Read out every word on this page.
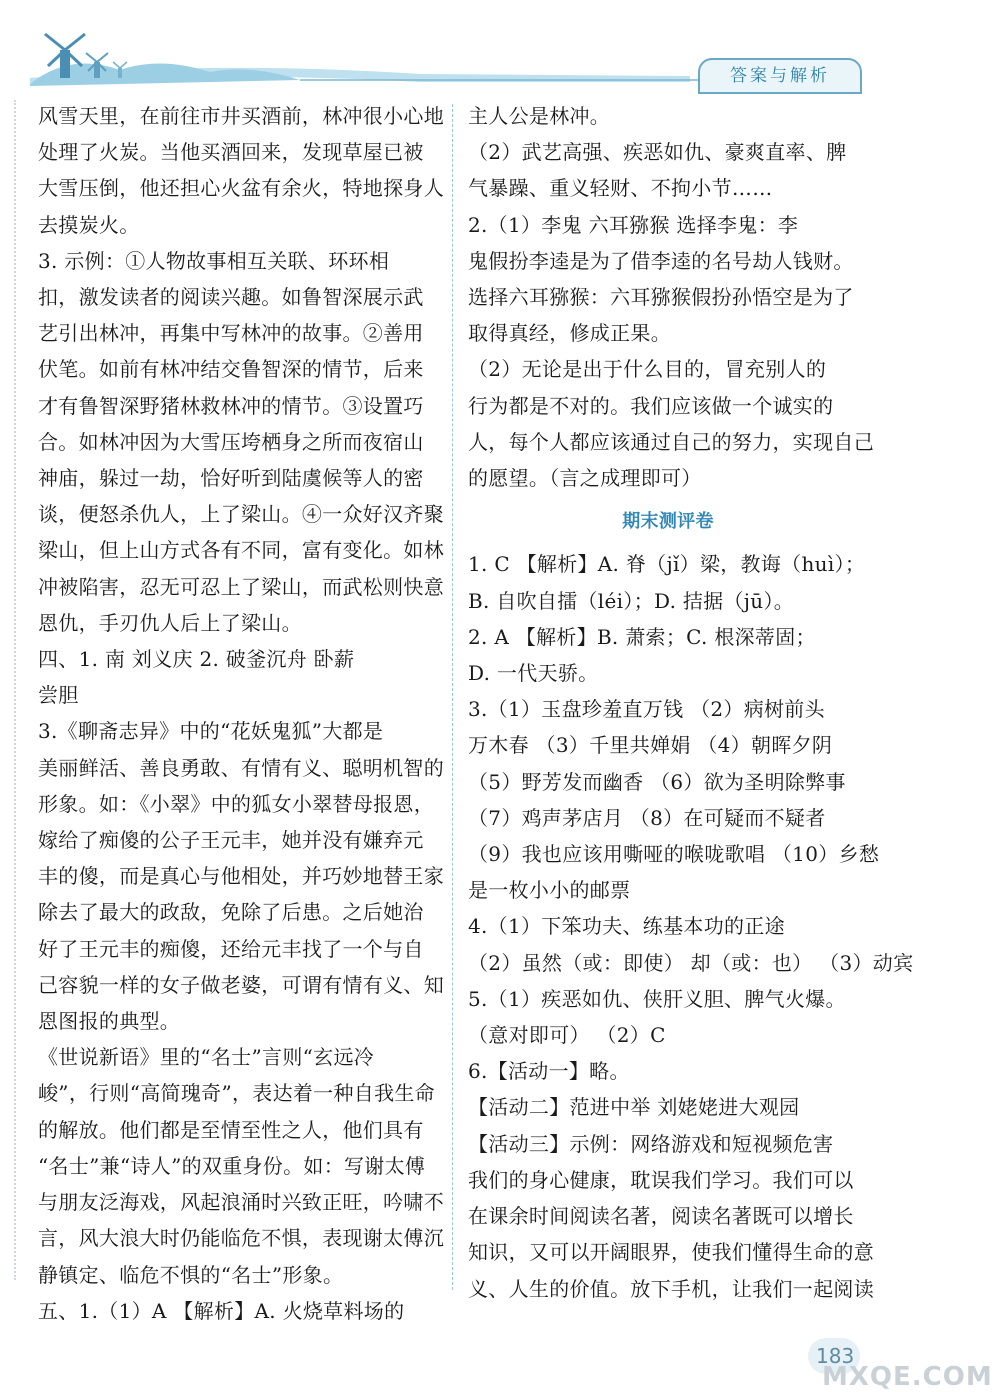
答案与解析

风雪天里，在前往市井买酒前，林冲很小心地

处理了火炭。当他买酒回来，发现草屋已被

大雪压倒，他还担心火盆有余火，特地探身人

去摸炭火。

3. 示例：①人物故事相互关联、环环相

扣，激发读者的阅读兴趣。如鲁智深展示武

艺引出林冲，再集中写林冲的故事。②善用

伏笔。如前有林冲结交鲁智深的情节，后来

才有鲁智深野猪林救林冲的情节。③设置巧

合。如林冲因为大雪压垮栖身之所而夜宿山

神庙，躲过一劫，恰好听到陆虞候等人的密

谈，便怒杀仇人，上了梁山。④一众好汉齐聚

梁山，但上山方式各有不同，富有变化。如林

冲被陷害，忍无可忍上了梁山，而武松则快意

恩仇，手刃仇人后上了梁山。

四、1. 南 刘义庆 2. 破釜沉舟 卧薪

尝胆

3.《聊斋志异》中的“花妖鬼狐”大都是

美丽鲜活、善良勇敢、有情有义、聪明机智的

形象。如：《小翠》中的狐女小翠替母报恩，

嫁给了痴傻的公子王元丰，她并没有嫌弃元

丰的傻，而是真心与他相处，并巧妙地替王家

除去了最大的政敌，免除了后患。之后她治

好了王元丰的痴傻，还给元丰找了一个与自

己容貌一样的女子做老婆，可谓有情有义、知

恩图报的典型。

《世说新语》里的“名士”言则“玄远冷

峻”，行则“高简瑰奇”，表达着一种自我生命

的解放。他们都是至情至性之人，他们具有

“名士”兼“诗人”的双重身份。如：写谢太傅

与朋友泛海戏，风起浪涌时兴致正旺，吟啸不

言，风大浪大时仍能临危不惧，表现谢太傅沉

静镇定、临危不惧的“名士”形象。

五、1.（1）A 【解析】A. 火烧草料场的

主人公是林冲。

（2）武艺高强、疾恶如仇、豪爽直率、脾

气暴躁、重义轻财、不拘小节……

2.（1）李鬼 六耳猕猴 选择李鬼：李

鬼假扮李逵是为了借李逵的名号劫人钱财。

选择六耳猕猴：六耳猕猴假扮孙悟空是为了

取得真经，修成正果。

（2）无论是出于什么目的，冒充别人的

行为都是不对的。我们应该做一个诚实的

人，每个人都应该通过自己的努力，实现自己

的愿望。（言之成理即可）

期末测评卷

1. C 【解析】A. 脊（jǐ）梁，教诲（huì）；

B. 自吹自擂（léi）；D. 拮据（jū）。

2. A 【解析】B. 萧索；C. 根深蒂固；

D. 一代天骄。

3.（1）玉盘珍羞直万钱 （2）病树前头

万木春 （3）千里共婵娟 （4）朝晖夕阴

（5）野芳发而幽香 （6）欲为圣明除弊事

（7）鸡声茅店月 （8）在可疑而不疑者

（9）我也应该用嘶哑的喉咙歌唱 （10）乡愁

是一枚小小的邮票

4.（1）下笨功夫、练基本功的正途

（2）虽然（或：即使） 却（或：也） （3）动宾

5.（1）疾恶如仇、侠肝义胆、脾气火爆。

（意对即可） （2）C

6.【活动一】略。

【活动二】范进中举 刘姥姥进大观园

【活动三】示例：网络游戏和短视频危害

我们的身心健康，耽误我们学习。我们可以

在课余时间阅读名著，阅读名著既可以增长

知识，又可以开阔眼界，使我们懂得生命的意

义、人生的价值。放下手机，让我们一起阅读

183
MXQE.COM
